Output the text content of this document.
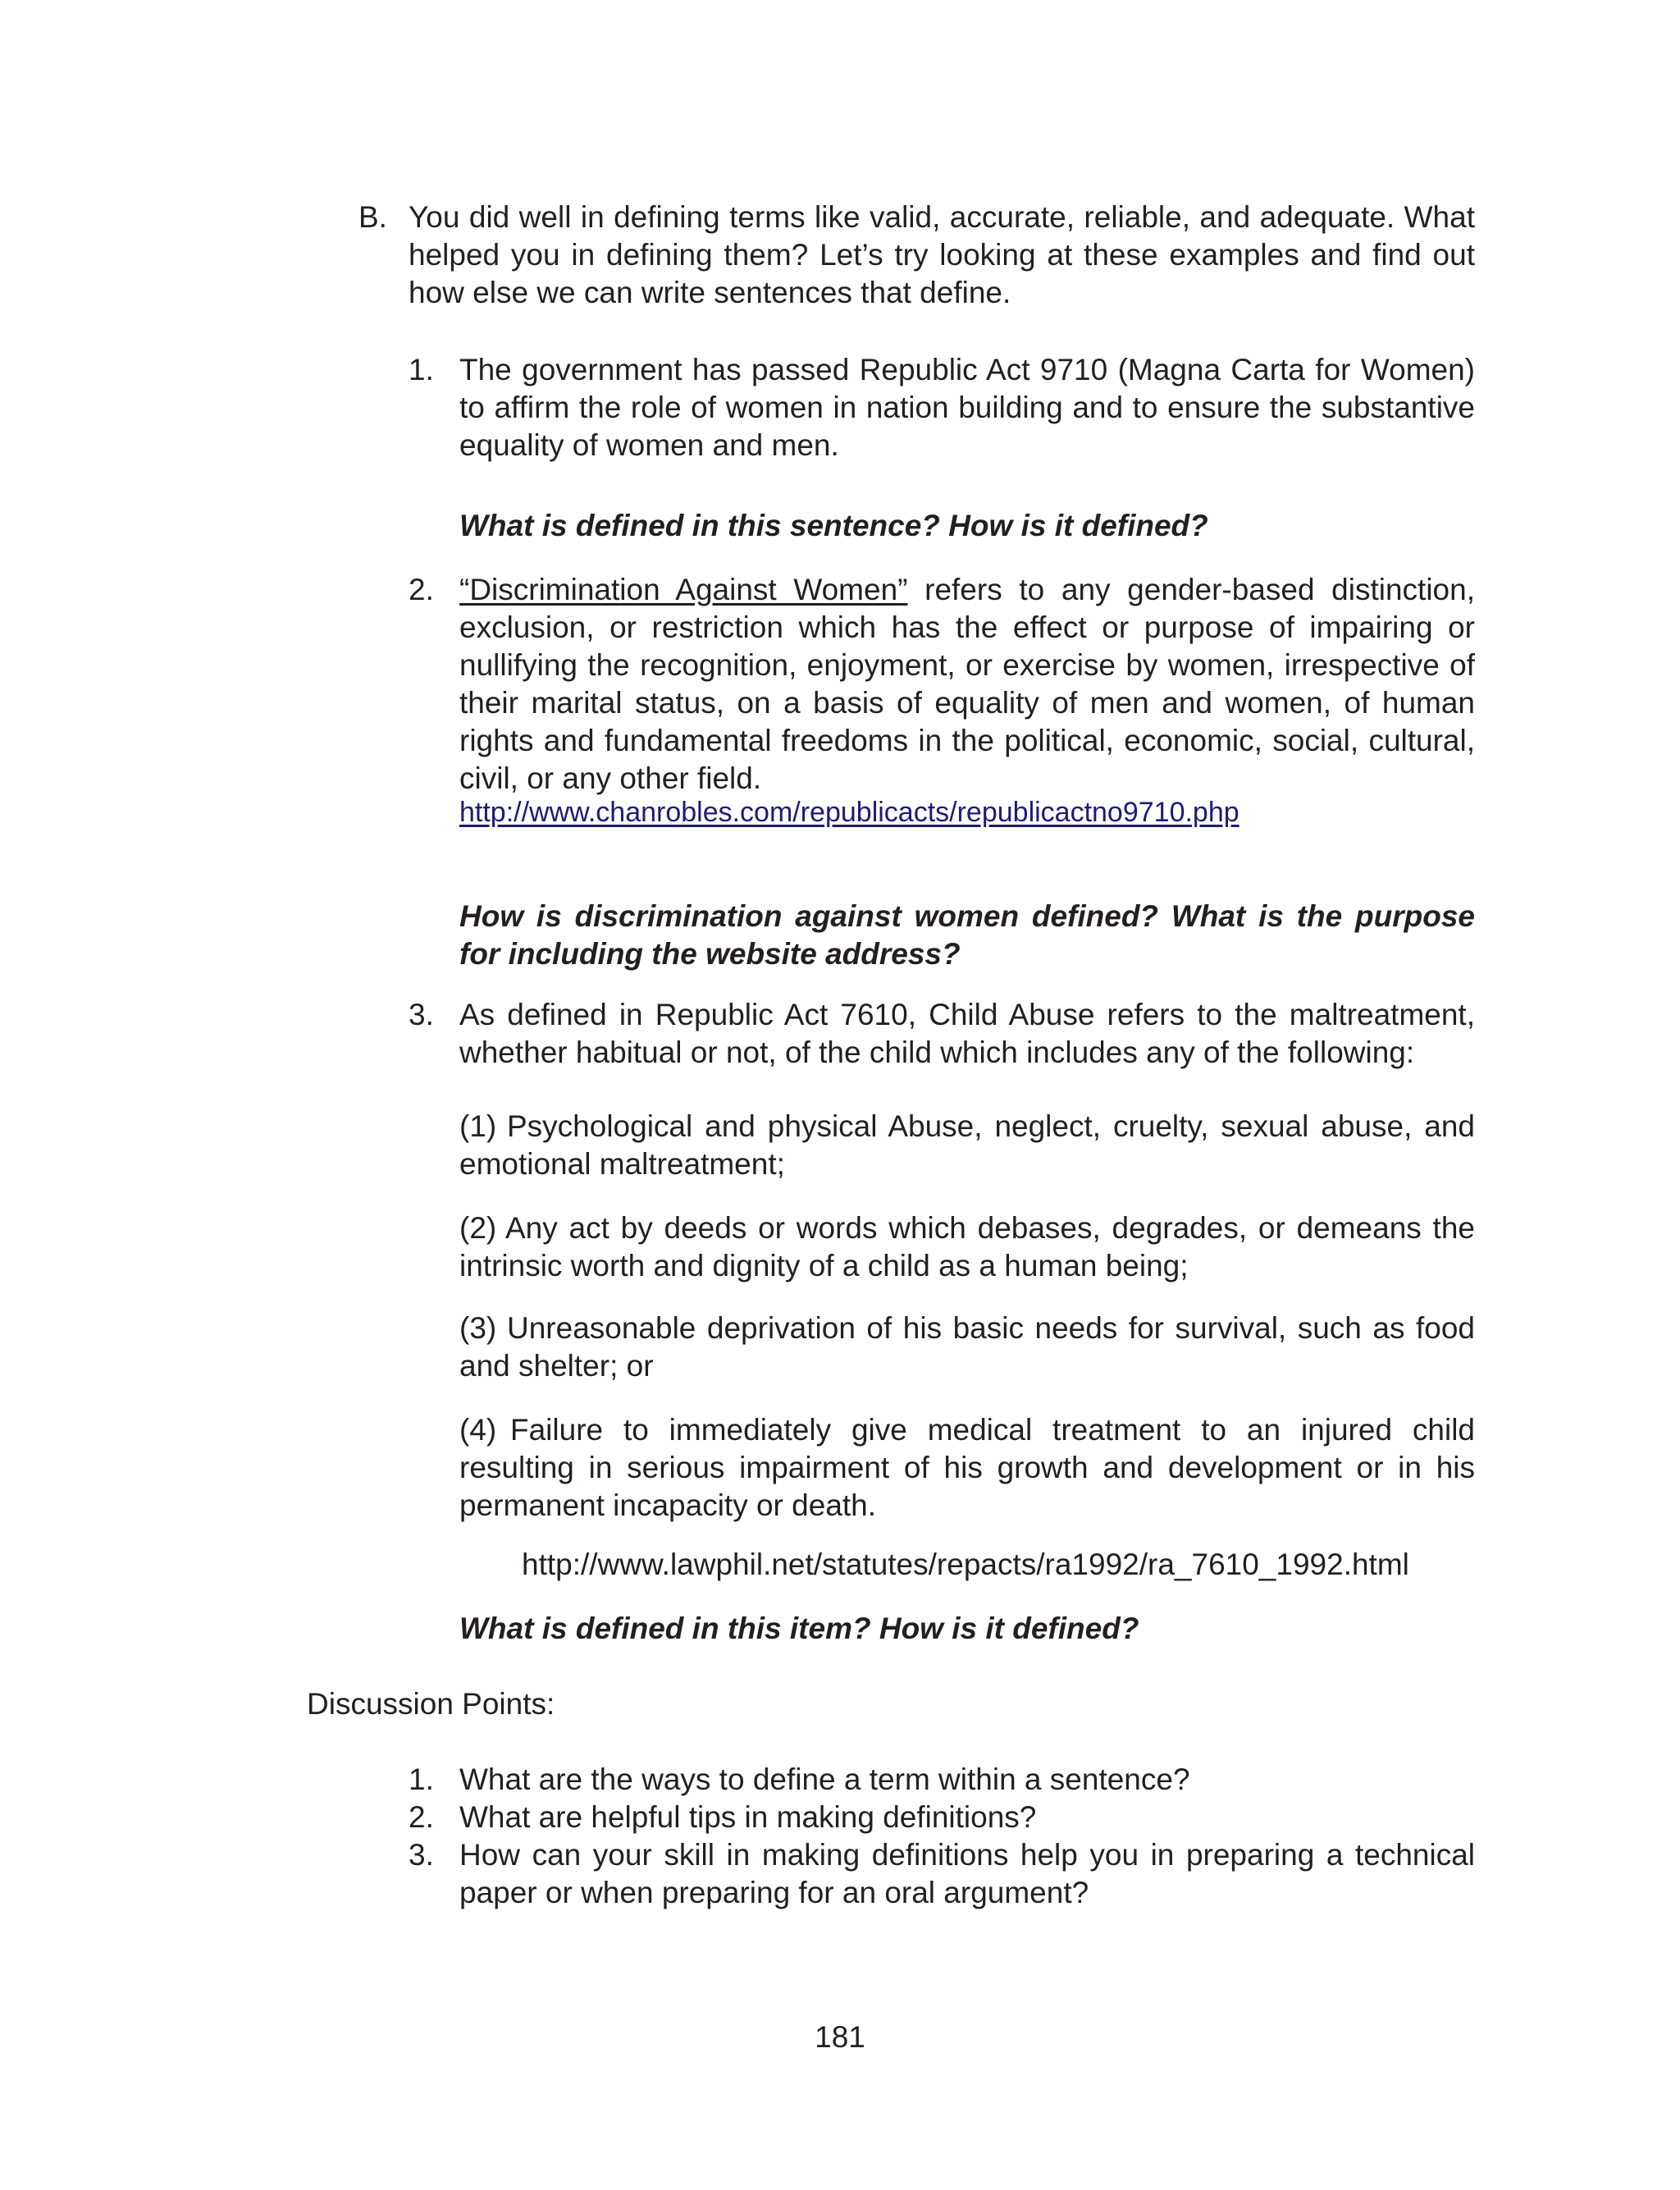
B. You did well in defining terms like valid, accurate, reliable, and adequate. What helped you in defining them? Let’s try looking at these examples and find out how else we can write sentences that define.

1. The government has passed Republic Act 9710 (Magna Carta for Women) to affirm the role of women in nation building and to ensure the substantive equality of women and men.

What is defined in this sentence? How is it defined?

2. “Discrimination Against Women” refers to any gender-based distinction, exclusion, or restriction which has the effect or purpose of impairing or nullifying the recognition, enjoyment, or exercise by women, irrespective of their marital status, on a basis of equality of men and women, of human rights and fundamental freedoms in the political, economic, social, cultural, civil, or any other field.

http://www.chanrobles.com/republicacts/republicactno9710.php

How is discrimination against women defined? What is the purpose for including the website address?

3. As defined in Republic Act 7610, Child Abuse refers to the maltreatment, whether habitual or not, of the child which includes any of the following:

(1) Psychological and physical Abuse, neglect, cruelty, sexual abuse, and emotional maltreatment;
(2) Any act by deeds or words which debases, degrades, or demeans the intrinsic worth and dignity of a child as a human being;
(3) Unreasonable deprivation of his basic needs for survival, such as food and shelter; or
(4) Failure to immediately give medical treatment to an injured child resulting in serious impairment of his growth and development or in his permanent incapacity or death.

http://www.lawphil.net/statutes/repacts/ra1992/ra_7610_1992.html

What is defined in this item? How is it defined?

Discussion Points:

1. What are the ways to define a term within a sentence?

2. What are helpful tips in making definitions?

3. How can your skill in making definitions help you in preparing a technical paper or when preparing for an oral argument?

181
